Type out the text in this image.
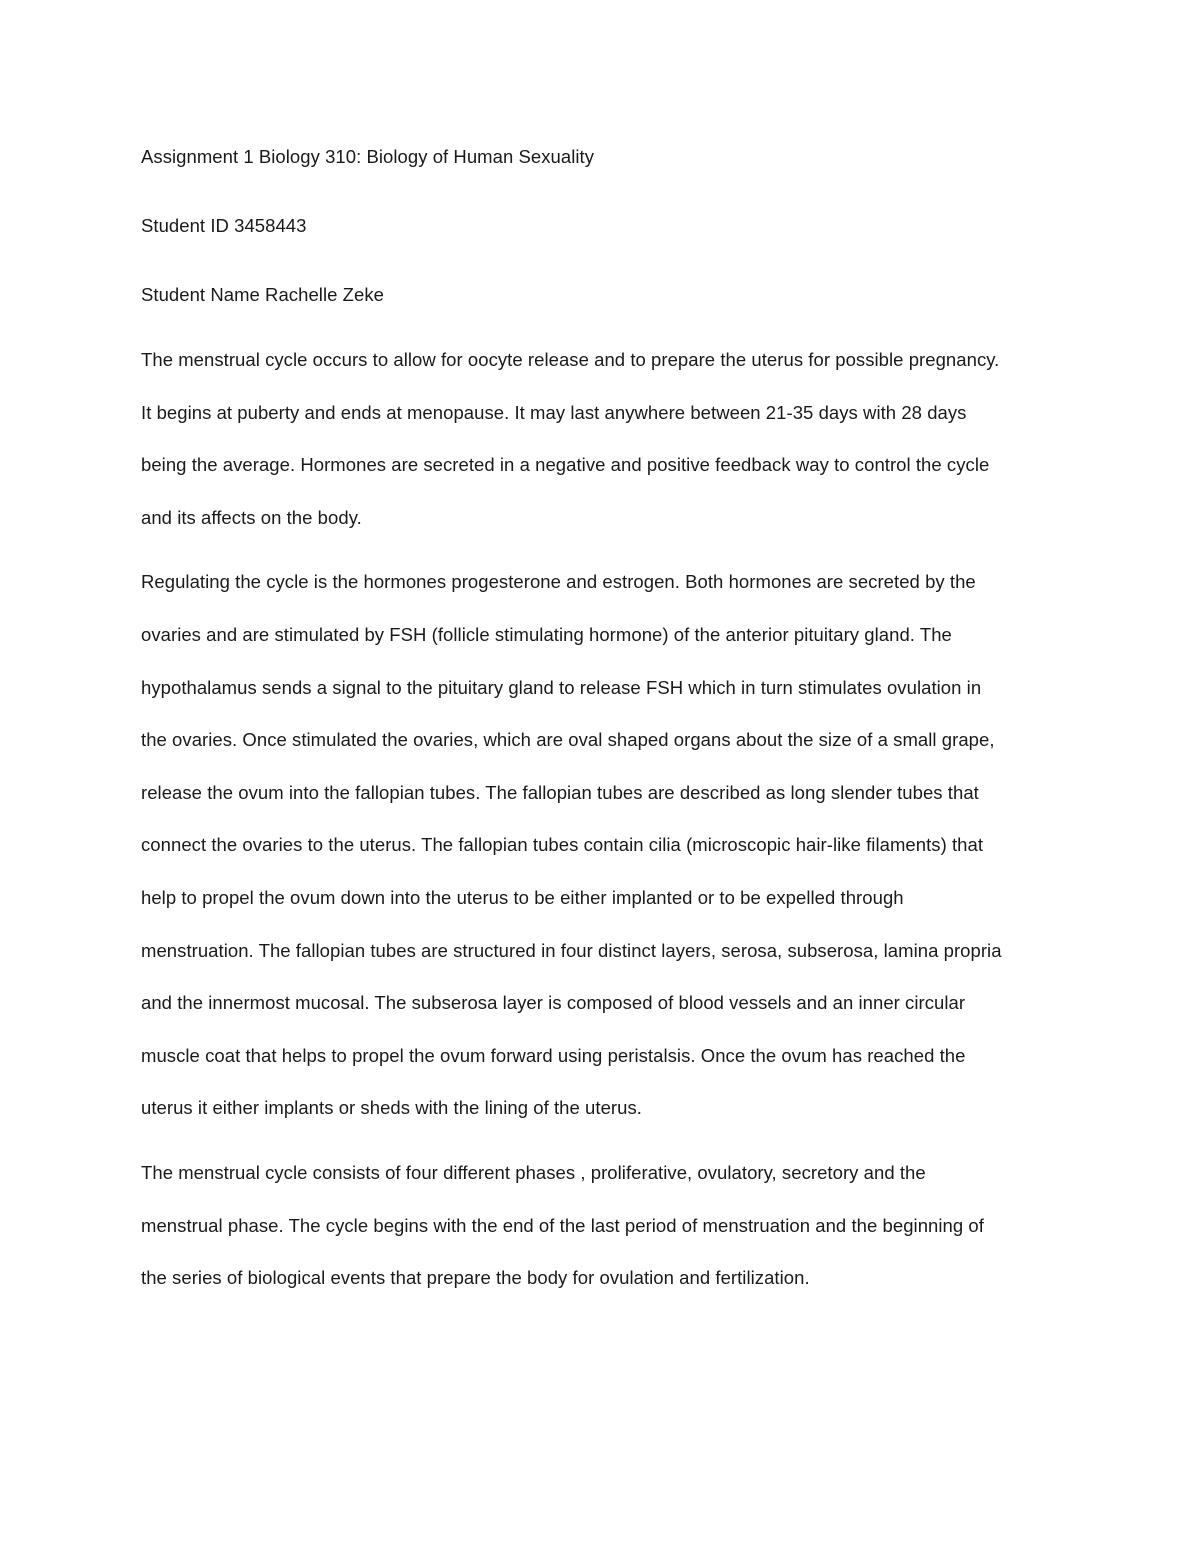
Assignment 1 Biology 310: Biology of Human Sexuality

Student ID 3458443

Student Name Rachelle Zeke

The menstrual cycle occurs to allow for oocyte release and to prepare the uterus for possible pregnancy.

It begins at puberty and ends at menopause. It may last anywhere between 21-35 days with 28 days

being the average. Hormones are secreted in a negative and positive feedback way to control the cycle

and its affects on the body.

Regulating the cycle is the hormones progesterone and estrogen. Both hormones are secreted by the

ovaries and are stimulated by FSH (follicle stimulating hormone) of the anterior pituitary gland. The

hypothalamus sends a signal to the pituitary gland to release FSH which in turn stimulates ovulation in

the ovaries. Once stimulated the ovaries, which are oval shaped organs about the size of a small grape,

release the ovum into the fallopian tubes. The fallopian tubes are described as long slender tubes that

connect the ovaries to the uterus. The fallopian tubes contain cilia (microscopic hair-like filaments) that

help to propel the ovum down into the uterus to be either implanted or to be expelled through

menstruation. The fallopian tubes are structured in four distinct layers, serosa, subserosa, lamina propria

and the innermost mucosal. The subserosa layer is composed of blood vessels and an inner circular

muscle coat that helps to propel the ovum forward using peristalsis. Once the ovum has reached the

uterus it either implants or sheds with the lining of the uterus.

The menstrual cycle consists of four different phases , proliferative, ovulatory, secretory and the

menstrual phase. The cycle begins with the end of the last period of menstruation and the beginning of

the series of biological events that prepare the body for ovulation and fertilization.
